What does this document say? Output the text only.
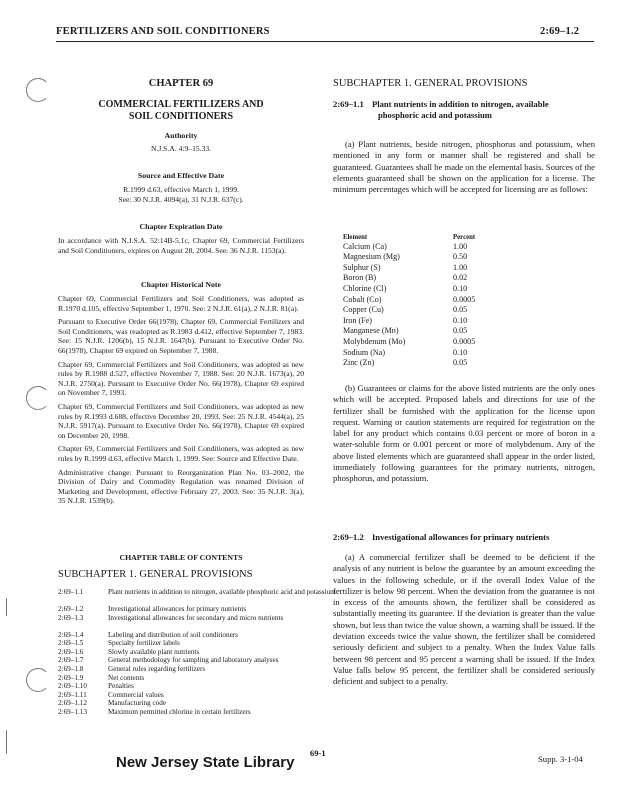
FERTILIZERS AND SOIL CONDITIONERS	2:69–1.2
CHAPTER 69
COMMERCIAL FERTILIZERS AND
SOIL CONDITIONERS
Authority
N.J.S.A. 4:9–15.33.
Source and Effective Date
R.1999 d.63, effective March 1, 1999.
See: 30 N.J.R. 4094(a), 31 N.J.R. 637(c).
Chapter Expiration Date

In accordance with N.J.S.A. 52:14B-5.1c, Chapter 69, Commercial Fertilizers and Soil Conditioners, expires on August 28, 2004. See: 36 N.J.R. 1153(a).

Chapter Historical Note

Chapter 69, Commercial Fertilizers and Soil Conditioners, was adopted as R.1970 d.105, effective September 1, 1970. See: 2 N.J.R. 61(a), 2 N.J.R. 81(a).

Pursuant to Executive Order 66(1978), Chapter 69, Commercial Fertilizers and Soil Conditioners, was readopted as R.1983 d.412, effective September 7, 1983. See: 15 N.J.R. 1206(b), 15 N.J.R. 1647(b). Pursuant to Executive Order No. 66(1978), Chapter 69 expired on September 7, 1988.

Chapter 69, Commercial Fertilizers and Soil Conditioners, was adopted as new rules by R.1988 d.527, effective November 7, 1988. See: 20 N.J.R. 1673(a), 20 N.J.R. 2750(a). Pursuant to Executive Order No. 66(1978), Chapter 69 expired on November 7, 1993.

Chapter 69, Commercial Fertilizers and Soil Conditioners, was adopted as new rules by R.1993 d.688, effective December 20, 1993. See: 25 N.J.R. 4544(a), 25 N.J.R. 5917(a). Pursuant to Executive Order No. 66(1978), Chapter 69 expired on December 20, 1998.

Chapter 69, Commercial Fertilizers and Soil Conditioners, was adopted as new rules by R.1999 d.63, effective March 1, 1999. See: Source and Effective Date.

Administrative change: Pursuant to Reorganization Plan No. 03–2002, the Division of Dairy and Commodity Regulation was renamed Division of Marketing and Development, effective February 27, 2003. See: 35 N.J.R. 3(a), 35 N.J.R. 1539(b).

CHAPTER TABLE OF CONTENTS
SUBCHAPTER 1. GENERAL PROVISIONS
2:69–1.1	Plant nutrients in addition to nitrogen, available phosphoric acid and potassium
2:69–1.2	Investigational allowances for primary nutrients
2:69–1.3	Investigational allowances for secondary and micro nutrients
2:69–1.4	Labeling and distribution of soil conditioners
2:69–1.5	Specialty fertilizer labels
2:69–1.6	Slowly available plant nutrients
2:69–1.7	General methodology for sampling and laboratory analyses
2:69–1.8	General rules regarding fertilizers
2:69–1.9	Net contents
2:69–1.10	Penalties
2:69–1.11	Commercial values
2:69–1.12	Manufacturing code
2:69–1.13	Maximum permitted chlorine in certain fertilizers
SUBCHAPTER 1. GENERAL PROVISIONS
2:69–1.1 Plant nutrients in addition to nitrogen, available
phosphoric acid and potassium

(a) Plant nutrients, beside nitrogen, phosphorus and potassium, when mentioned in any form or manner shall be registered and shall be guaranteed. Guarantees shall be made on the elemental basis. Sources of the elements guaranteed shall be shown on the application for a license. The minimum percentages which will be accepted for licensing are as follows:

Element	Percent
Calcium (Ca)	1.00
Magnesium (Mg)	0.50
Sulphur (S)	1.00
Boron (B)	0.02
Chlorine (Cl)	0.10
Cobalt (Co)	0.0005
Copper (Cu)	0.05
Iron (Fe)	0.10
Manganese (Mn)	0.05
Molybdenum (Mo)	0.0005
Sodium (Na)	0.10
Zinc (Zn)	0.05

(b) Guarantees or claims for the above listed nutrients are the only ones which will be accepted. Proposed labels and directions for use of the fertilizer shall be furnished with the application for the license upon request. Warning or caution statements are required for registration on the label for any product which contains 0.03 percent or more of boron in a water-soluble form or 0.001 percent or more of molybdenum. Any of the above listed elements which are guaranteed shall appear in the order listed, immediately following guarantees for the primary nutrients, nitrogen, phosphorus, and potassium.

2:69–1.2 Investigational allowances for primary nutrients

(a) A commercial fertilizer shall be deemed to be deficient if the analysis of any nutrient is below the guarantee by an amount exceeding the values in the following schedule, or if the overall Index Value of the fertilizer is below 98 percent. When the deviation from the guarantee is not in excess of the amounts shown, the fertilizer shall be considered as substantially meeting its guarantee. If the deviation is greater than the value shown, but less than twice the value shown, a warning shall be issued. If the deviation exceeds twice the value shown, the fertilizer shall be considered seriously deficient and subject to a penalty. When the Index Value falls between 98 percent and 95 percent a warning shall be issued. If the Index Value falls below 95 percent, the fertilizer shall be considered seriously deficient and subject to a penalty.

New Jersey State Library
69-1
Supp. 3-1-04
